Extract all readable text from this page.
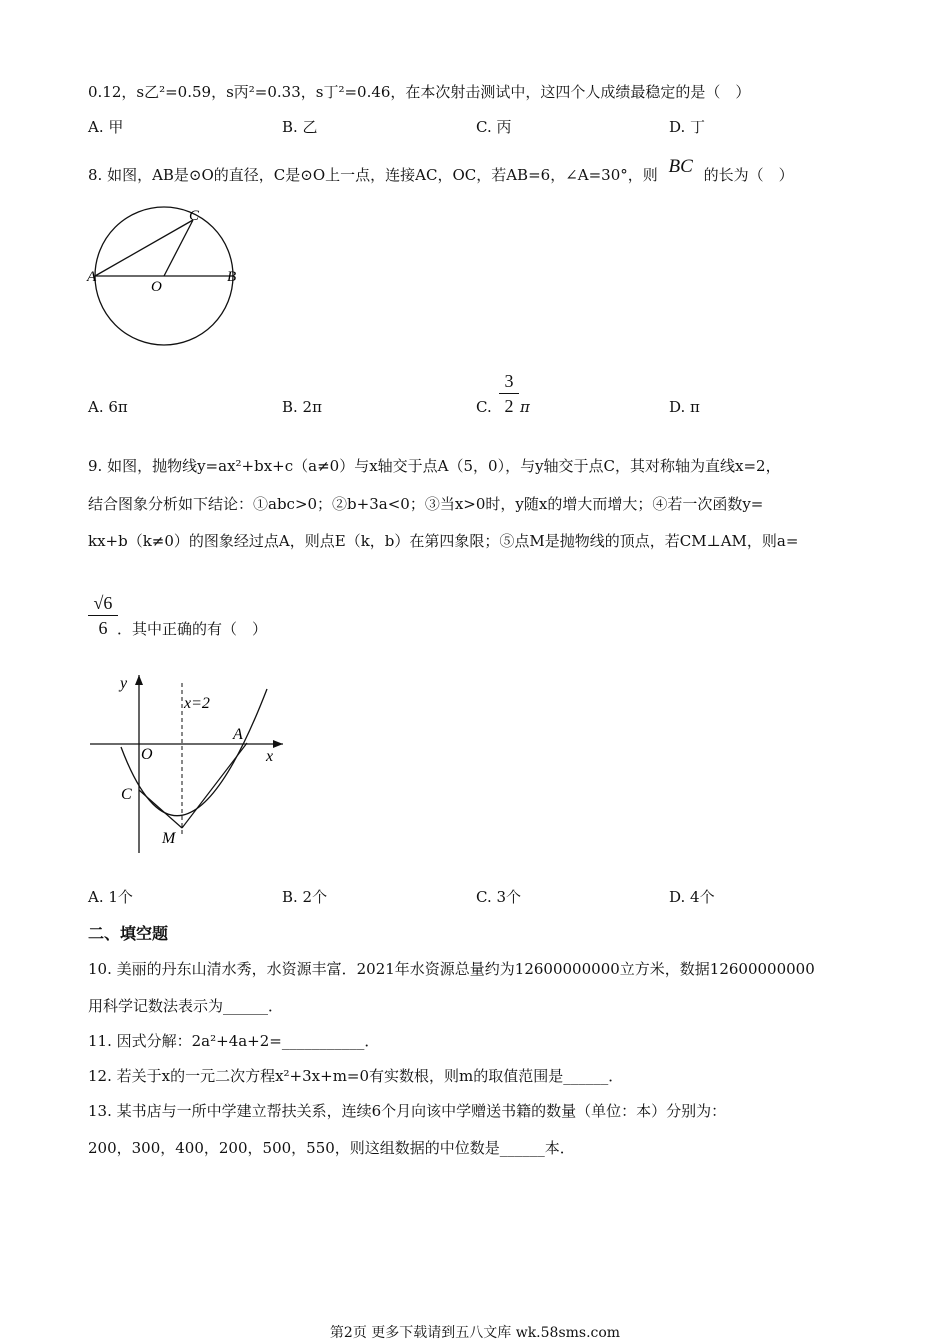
0.12，s乙²=0.59，s丙²=0.33，s丁²=0.46，在本次射击测试中，这四个人成绩最稳定的是（　）
A. 甲	B. 乙	C. 丙	D. 丁
8. 如图，AB是⊙O的直径，C是⊙O上一点，连接AC，OC，若AB=6，∠A=30°，则 BC 的长为（　）
A	B
C
O
A. 6π	B. 2π	C.
3
2 π	D. π
9. 如图，抛物线y=ax²+bx+c（a≠0）与x轴交于点A（5，0），与y轴交于点C，其对称轴为直线x=2，
结合图象分析如下结论：①abc>0；②b+3a<0；③当x>0时，y随x的增大而增大；④若一次函数y=
kx+b（k≠0）的图象经过点A，则点E（k，b）在第四象限；⑤点M是抛物线的顶点，若CM⊥AM，则a=
√6
6 ．其中正确的有（　）
y
x
x=2
A
O
C
M
A. 1个	B. 2个	C. 3个	D. 4个
二、填空题
10. 美丽的丹东山清水秀，水资源丰富．2021年水资源总量约为12600000000立方米，数据12600000000
用科学记数法表示为______．
11. 因式分解：2a²+4a+2=___________．
12. 若关于x的一元二次方程x²+3x+m=0有实数根，则m的取值范围是______．
13. 某书店与一所中学建立帮扶关系，连续6个月向该中学赠送书籍的数量（单位：本）分别为：
200，300，400，200，500，550，则这组数据的中位数是______本．
第2页 更多下载请到五八文库 wk.58sms.com
